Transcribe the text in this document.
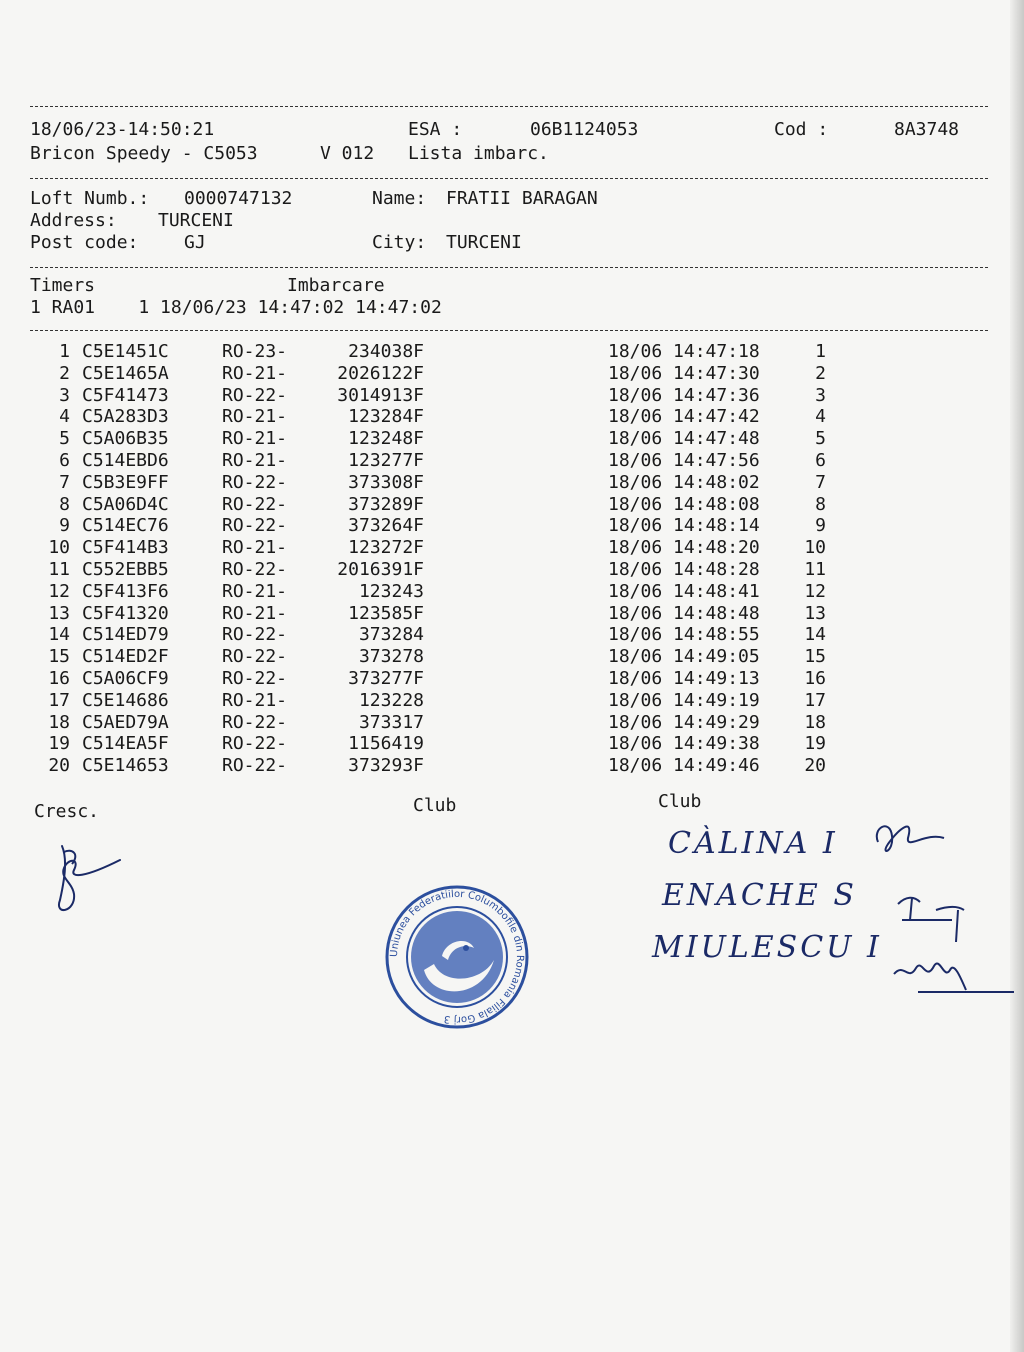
18/06/23-14:50:21	ESA :	06B1124053	Cod :	8A3748
Bricon Speedy - C5053	V 012 Lista imbarc.
Loft Numb.: 0000747132	Name: FRATII BARAGAN
Address: TURCENI
Post code:	GJ	City: TURCENI
Timers	Imbarcare
1 RA01    1 18/06/23 14:47:02 14:47:02
1 C5E1451C	RO-23-	234038F	18/06 14:47:18	1
2 C5E1465A	RO-21-	2026122F	18/06 14:47:30	2
3 C5F41473	RO-22-	3014913F	18/06 14:47:36	3
4 C5A283D3	RO-21-	123284F	18/06 14:47:42	4
5 C5A06B35	RO-21-	123248F	18/06 14:47:48	5
6 C514EBD6	RO-21-	123277F	18/06 14:47:56	6
7 C5B3E9FF	RO-22-	373308F	18/06 14:48:02	7
8 C5A06D4C	RO-22-	373289F	18/06 14:48:08	8
9 C514EC76	RO-22-	373264F	18/06 14:48:14	9
10 C5F414B3	RO-21-	123272F	18/06 14:48:20	10
11 C552EBB5	RO-22-	2016391F	18/06 14:48:28	11
12 C5F413F6	RO-21-	123243	18/06 14:48:41	12
13 C5F41320	RO-21-	123585F	18/06 14:48:48	13
14 C514ED79	RO-22-	373284	18/06 14:48:55	14
15 C514ED2F	RO-22-	373278	18/06 14:49:05	15
16 C5A06CF9	RO-22-	373277F	18/06 14:49:13	16
17 C5E14686	RO-21-	123228	18/06 14:49:19	17
18 C5AED79A	RO-22-	373317	18/06 14:49:29	18
19 C514EA5F	RO-22-	1156419	18/06 14:49:38	19
20 C5E14653	RO-22-	373293F	18/06 14:49:46	20
Cresc.	Club	Club
Uniunea Federatiilor Columbofile din Romania Filiala Gorj 3
CÀLINA I
ENACHE S
MIULESCU I
